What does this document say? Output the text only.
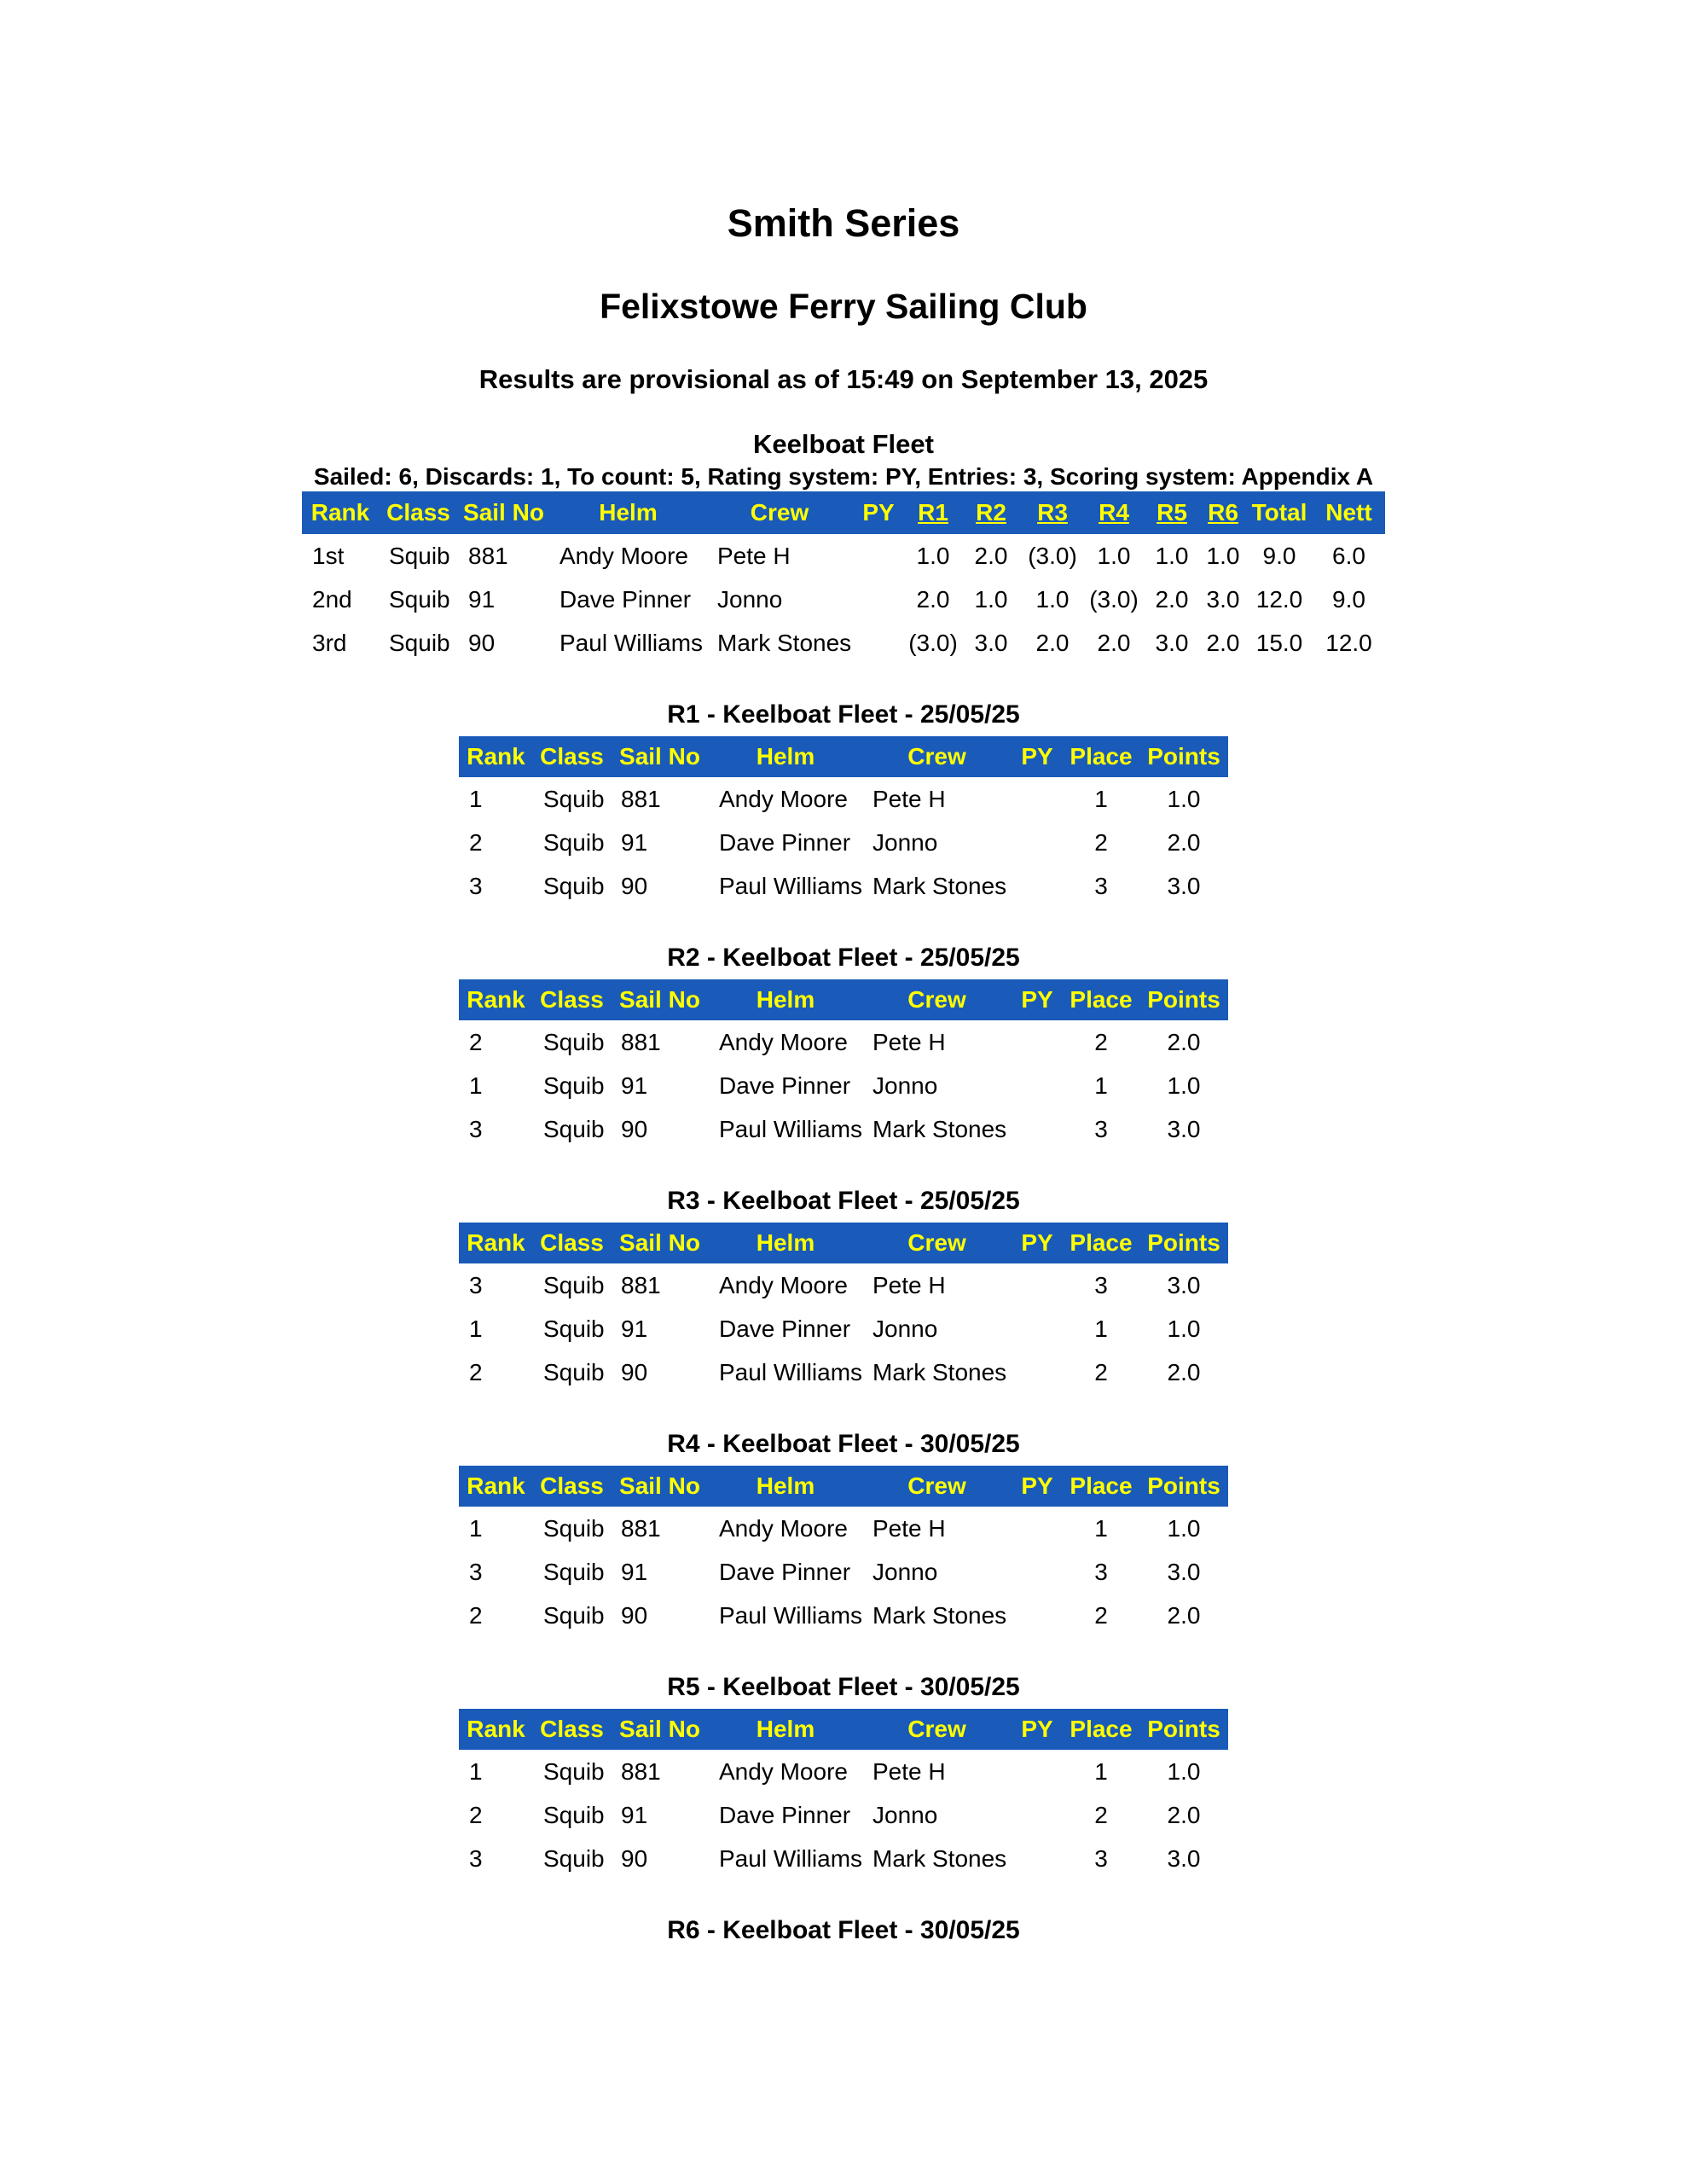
Smith Series
Felixstowe Ferry Sailing Club
Results are provisional as of 15:49 on September 13, 2025
Keelboat Fleet
Sailed: 6, Discards: 1, To count: 5, Rating system: PY, Entries: 3, Scoring system: Appendix A
Rank	Class	Sail No	Helm	Crew	PY	R1	R2	R3	R4	R5	R6	Total	Nett
1st	Squib	881	Andy Moore	Pete H		1.0	2.0	(3.0)	1.0	1.0	1.0	9.0	6.0
2nd	Squib	91	Dave Pinner	Jonno		2.0	1.0	1.0	(3.0)	2.0	3.0	12.0	9.0
3rd	Squib	90	Paul Williams	Mark Stones		(3.0)	3.0	2.0	2.0	3.0	2.0	15.0	12.0
R1 - Keelboat Fleet - 25/05/25
Rank	Class	Sail No	Helm	Crew	PY	Place	Points
1	Squib	881	Andy Moore	Pete H		1	1.0
2	Squib	91	Dave Pinner	Jonno		2	2.0
3	Squib	90	Paul Williams	Mark Stones		3	3.0
R2 - Keelboat Fleet - 25/05/25
Rank	Class	Sail No	Helm	Crew	PY	Place	Points
2	Squib	881	Andy Moore	Pete H		2	2.0
1	Squib	91	Dave Pinner	Jonno		1	1.0
3	Squib	90	Paul Williams	Mark Stones		3	3.0
R3 - Keelboat Fleet - 25/05/25
Rank	Class	Sail No	Helm	Crew	PY	Place	Points
3	Squib	881	Andy Moore	Pete H		3	3.0
1	Squib	91	Dave Pinner	Jonno		1	1.0
2	Squib	90	Paul Williams	Mark Stones		2	2.0
R4 - Keelboat Fleet - 30/05/25
Rank	Class	Sail No	Helm	Crew	PY	Place	Points
1	Squib	881	Andy Moore	Pete H		1	1.0
3	Squib	91	Dave Pinner	Jonno		3	3.0
2	Squib	90	Paul Williams	Mark Stones		2	2.0
R5 - Keelboat Fleet - 30/05/25
Rank	Class	Sail No	Helm	Crew	PY	Place	Points
1	Squib	881	Andy Moore	Pete H		1	1.0
2	Squib	91	Dave Pinner	Jonno		2	2.0
3	Squib	90	Paul Williams	Mark Stones		3	3.0
R6 - Keelboat Fleet - 30/05/25
